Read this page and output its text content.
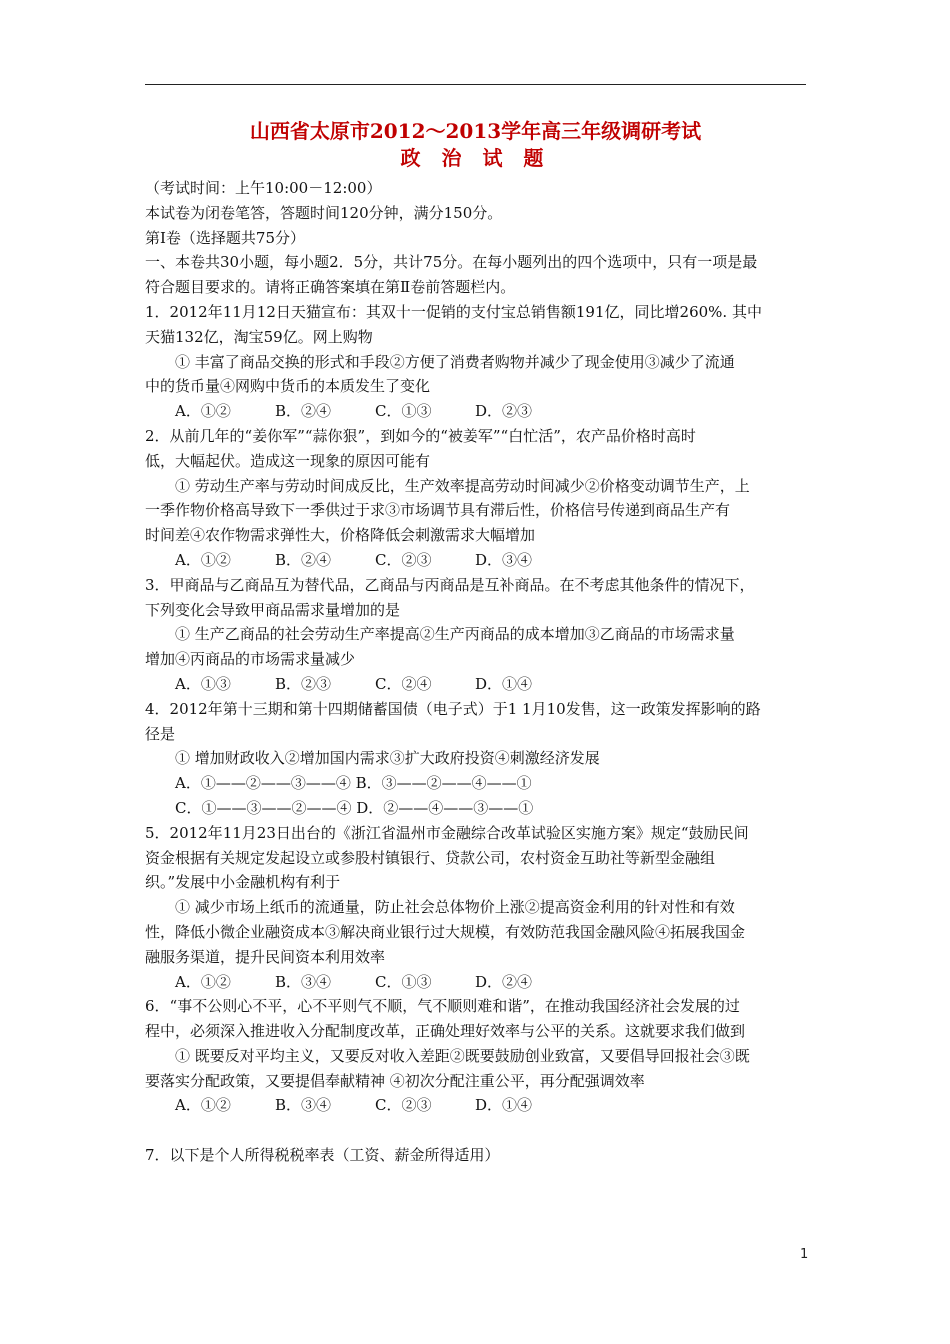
山西省太原市2012～2013学年高三年级调研考试
政 治 试 题
（考试时间：上午10:00－12:00）
本试卷为闭卷笔答，答题时间120分钟，满分150分。
第Ⅰ卷（选择题共75分）
一、本卷共30小题，每小题2．5分，共计75分。在每小题列出的四个选项中，只有一项是最
符合题目要求的。请将正确答案填在第Ⅱ卷前答题栏内。
1．2012年11月12日天猫宣布：其双十一促销的支付宝总销售额191亿，同比增260%. 其中
天猫132亿，淘宝59亿。网上购物
① 丰富了商品交换的形式和手段②方便了消费者购物并减少了现金使用③减少了流通
中的货币量④网购中货币的本质发生了变化
A．①②	B．②④	C．①③	D．②③
2．从前几年的“姜你军”“蒜你狠”，到如今的“被姜军”“白忙活”，农产品价格时高时
低，大幅起伏。造成这一现象的原因可能有
① 劳动生产率与劳动时间成反比，生产效率提高劳动时间减少②价格变动调节生产，上
一季作物价格高导致下一季供过于求③市场调节具有滞后性，价格信号传递到商品生产有
时间差④农作物需求弹性大，价格降低会刺激需求大幅增加
A．①②	B．②④	C．②③	D．③④
3．甲商品与乙商品互为替代品，乙商品与丙商品是互补商品。在不考虑其他条件的情况下，
下列变化会导致甲商品需求量增加的是
① 生产乙商品的社会劳动生产率提高②生产丙商品的成本增加③乙商品的市场需求量
增加④丙商品的市场需求量减少
A．①③	B．②③	C．②④	D．①④
4．2012年第十三期和第十四期储蓄国债（电子式）于1 1月10发售，这一政策发挥影响的路
径是
① 增加财政收入②增加国内需求③扩大政府投资④刺激经济发展
A．①——②——③——④ B．③——②——④——①
C．①——③——②——④ D．②——④——③——①
5．2012年11月23日出台的《浙江省温州市金融综合改革试验区实施方案》规定“鼓励民间
资金根据有关规定发起设立或参股村镇银行、贷款公司，农村资金互助社等新型金融组
织。”发展中小金融机构有利于
① 减少市场上纸币的流通量，防止社会总体物价上涨②提高资金利用的针对性和有效
性，降低小微企业融资成本③解决商业银行过大规模，有效防范我国金融风险④拓展我国金
融服务渠道，提升民间资本利用效率
A．①②	B．③④	C．①③	D．②④
6．“事不公则心不平，心不平则气不顺，气不顺则难和谐”，在推动我国经济社会发展的过
程中，必须深入推进收入分配制度改革，正确处理好效率与公平的关系。这就要求我们做到
① 既要反对平均主义，又要反对收入差距②既要鼓励创业致富，又要倡导回报社会③既
要落实分配政策，又要提倡奉献精神 ④初次分配注重公平，再分配强调效率
A．①②	B．③④	C．②③	D．①④
7．以下是个人所得税税率表（工资、薪金所得适用）
1
